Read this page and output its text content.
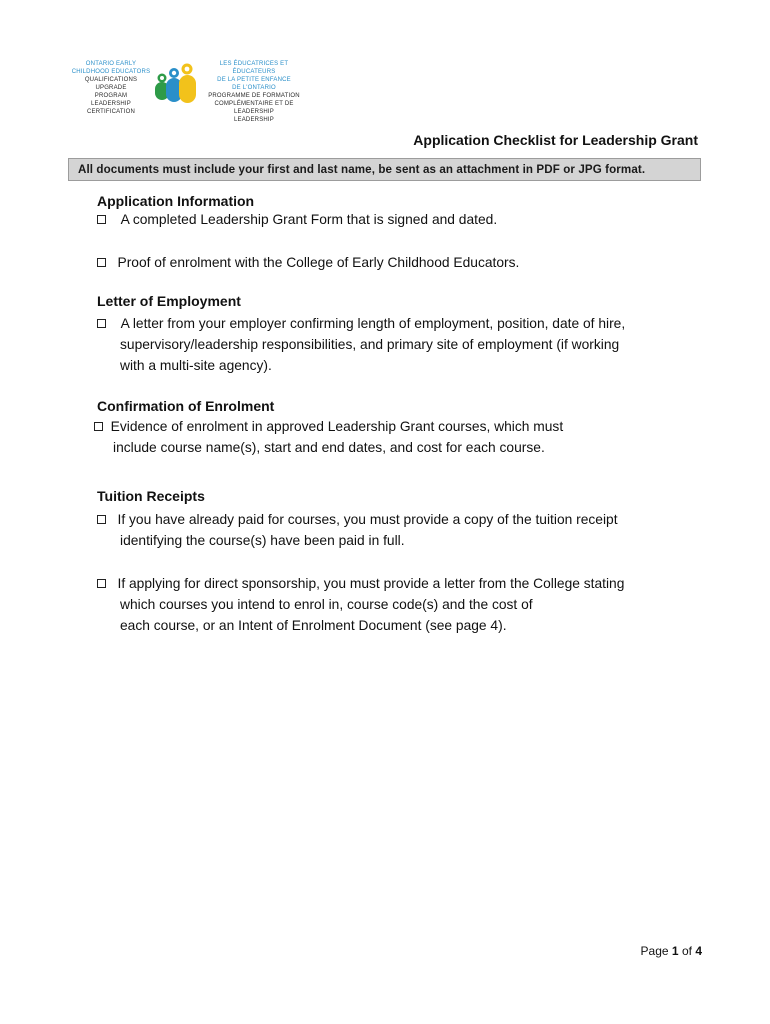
ONTARIO EARLY
CHILDHOOD EDUCATORS
QUALIFICATIONS UPGRADE
PROGRAM
LEADERSHIP CERTIFICATION
LES ÉDUCATRICES ET ÉDUCATEURS
DE LA PETITE ENFANCE
DE L'ONTARIO
PROGRAMME DE FORMATION
COMPLÉMENTAIRE ET DE LEADERSHIP
LEADERSHIP
Application Checklist for Leadership Grant
All documents must include your first and last name, be sent as an attachment in PDF or JPG format.
Application Information
A completed Leadership Grant Form that is signed and dated.
Proof of enrolment with the College of Early Childhood Educators.
Letter of Employment
A letter from your employer confirming length of employment, position, date of hire,
supervisory/leadership responsibilities, and primary site of employment (if working
with a multi-site agency).
Confirmation of Enrolment
Evidence of enrolment in approved Leadership Grant courses, which must
include course name(s), start and end dates, and cost for each course.
Tuition Receipts
If you have already paid for courses, you must provide a copy of the tuition receipt
identifying the course(s) have been paid in full.
If applying for direct sponsorship, you must provide a letter from the College stating
which courses you intend to enrol in, course code(s) and the cost of
each course, or an Intent of Enrolment Document (see page 4).
Page 1 of 4
